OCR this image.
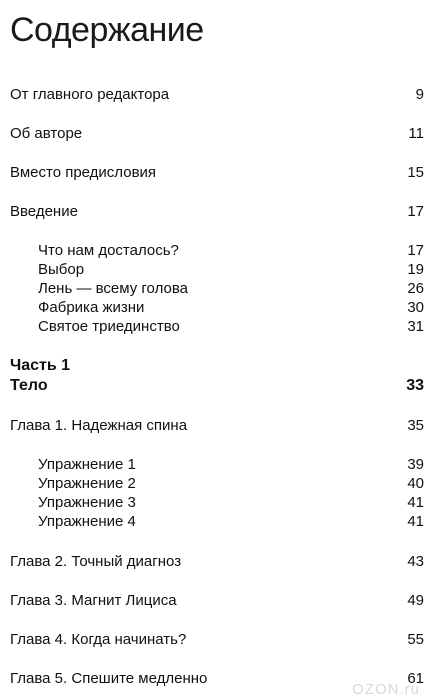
Содержание
От главного редактора	9
Об авторе	11
Вместо предисловия	15
Введение	17
Что нам досталось?	17
Выбор	19
Лень — всему голова	26
Фабрика жизни	30
Святое триединство	31
Часть 1
Тело	33
Глава 1. Надежная спина	35
Упражнение 1	39
Упражнение 2	40
Упражнение 3	41
Упражнение 4	41
Глава 2. Точный диагноз	43
Глава 3. Магнит Лицисa	49
Глава 4. Когда начинать?	55
Глава 5. Спешите медленно	61
OZON.ru
